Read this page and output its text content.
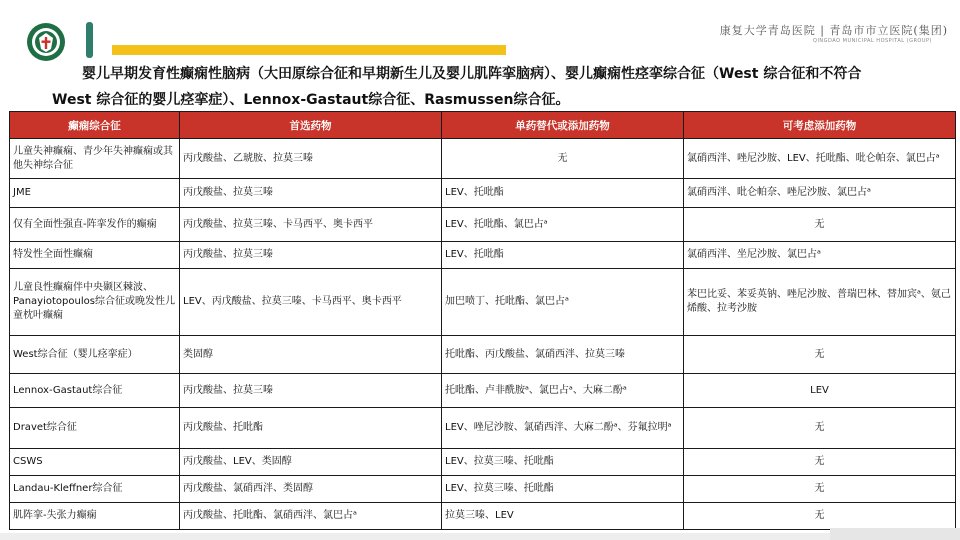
康复大学青岛医院 | 青岛市市立医院(集团)
QINGDAO MUNICIPAL HOSPITAL (GROUP)
婴儿早期发育性癫痫性脑病（大田原综合征和早期新生儿及婴儿肌阵挛脑病）、婴儿癫痫性痉挛综合征（West 综合征和不符合West 综合征的婴儿痉挛症）、Lennox-Gastaut综合征、Rasmussen综合征。
癫痫综合征	首选药物	单药替代或添加药物	可考虑添加药物
儿童失神癫痫、青少年失神癫痫或其他失神综合征	丙戊酸盐、乙琥胺、拉莫三嗪	无	氯硝西泮、唑尼沙胺、LEV、托吡酯、吡仑帕奈、氯巴占ᵃ
JME	丙戊酸盐、拉莫三嗪	LEV、托吡酯	氯硝西泮、吡仑帕奈、唑尼沙胺、氯巴占ᵃ
仅有全面性强直-阵挛发作的癫痫	丙戊酸盐、拉莫三嗪、卡马西平、奥卡西平	LEV、托吡酯、氯巴占ᵃ	无
特发性全面性癫痫	丙戊酸盐、拉莫三嗪	LEV、托吡酯	氯硝西泮、坐尼沙胺、氯巴占ᵃ
儿童良性癫痫伴中央颞区棘波、Panayiotopoulos综合征或晚发性儿童枕叶癫痫	LEV、丙戊酸盐、拉莫三嗪、卡马西平、奥卡西平	加巴喷丁、托吡酯、氯巴占ᵃ	苯巴比妥、苯妥英钠、唑尼沙胺、普瑞巴林、替加宾ᵃ、氨己烯酸、拉考沙胺
West综合征（婴儿痉挛症）	类固醇	托吡酯、丙戊酸盐、氯硝西泮、拉莫三嗪	无
Lennox-Gastaut综合征	丙戊酸盐、拉莫三嗪	托吡酯、卢非酰胺ᵃ、氯巴占ᵃ、大麻二酚ᵃ	LEV
Dravet综合征	丙戊酸盐、托吡酯	LEV、唑尼沙胺、氯硝西泮、大麻二酚ᵃ、芬氟拉明ᵃ	无
CSWS	丙戊酸盐、LEV、类固醇	LEV、拉莫三嗪、托吡酯	无
Landau-Kleffner综合征	丙戊酸盐、氯硝西泮、类固醇	LEV、拉莫三嗪、托吡酯	无
肌阵挛-失张力癫痫	丙戊酸盐、托吡酯、氯硝西泮、氯巴占ᵃ	拉莫三嗪、LEV	无
